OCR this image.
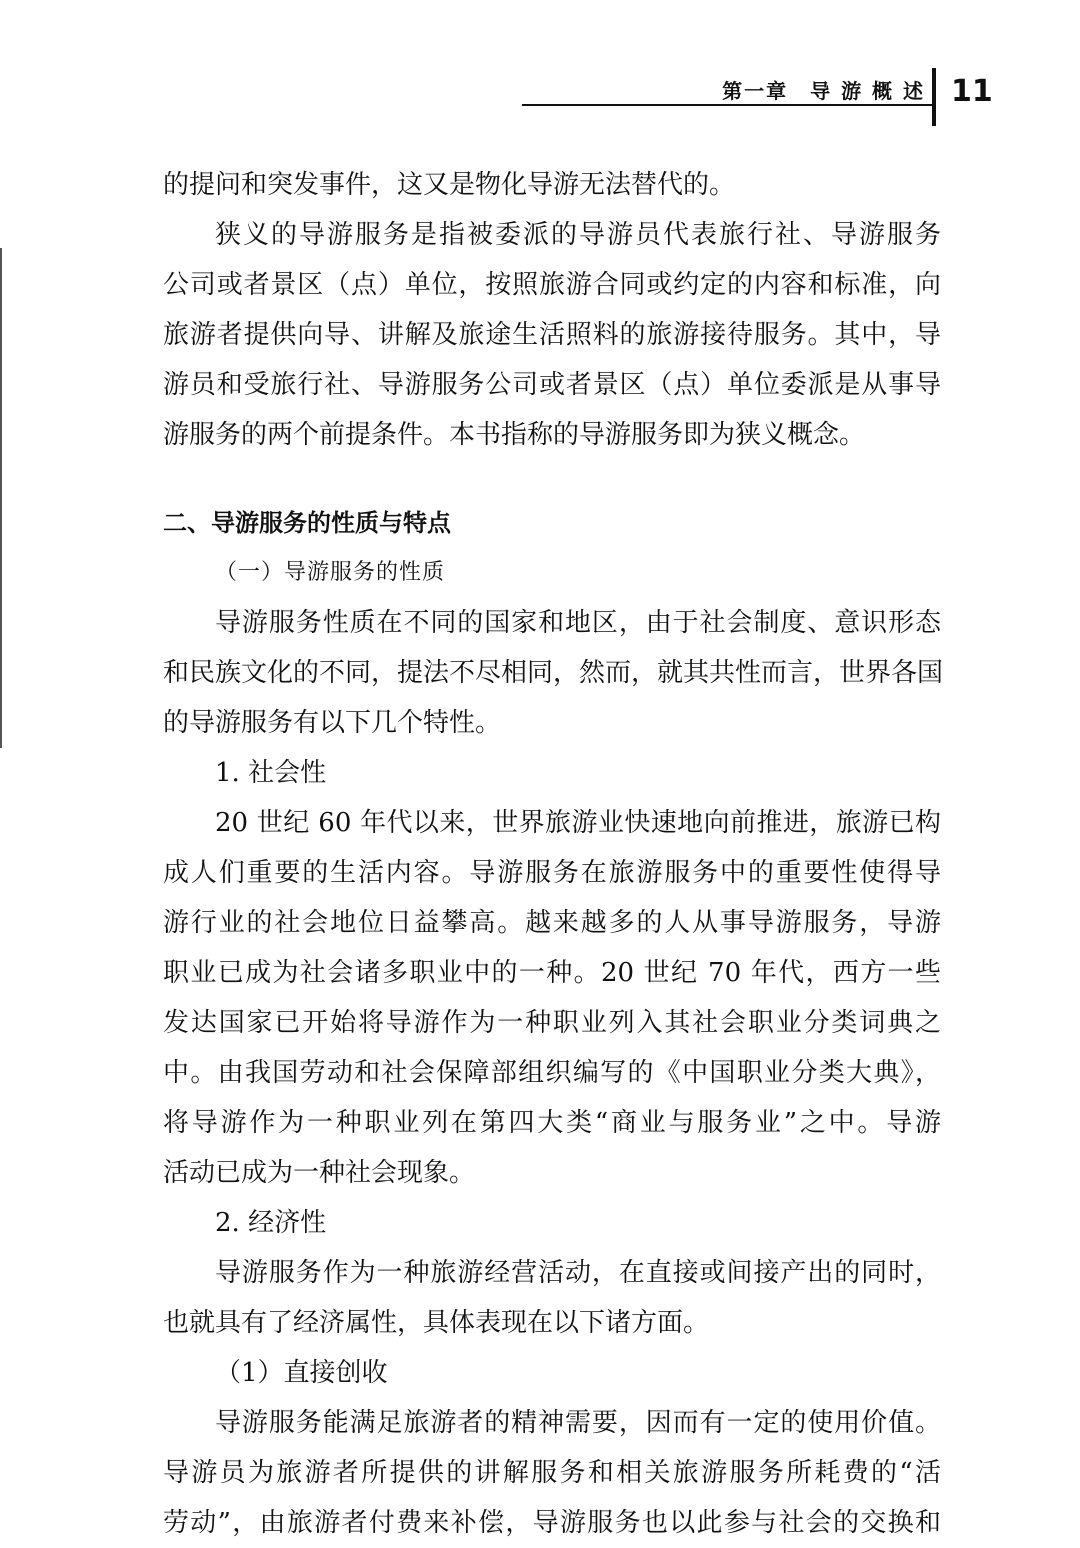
第一章　导 游 概 述 11
的提问和突发事件，这又是物化导游无法替代的。
狭义的导游服务是指被委派的导游员代表旅行社、导游服务
公司或者景区（点）单位，按照旅游合同或约定的内容和标准，向
旅游者提供向导、讲解及旅途生活照料的旅游接待服务。其中，导
游员和受旅行社、导游服务公司或者景区（点）单位委派是从事导
游服务的两个前提条件。本书指称的导游服务即为狭义概念。
二、导游服务的性质与特点
（一）导游服务的性质
导游服务性质在不同的国家和地区，由于社会制度、意识形态
和民族文化的不同，提法不尽相同，然而，就其共性而言，世界各国
的导游服务有以下几个特性。
1. 社会性
20 世纪 60 年代以来，世界旅游业快速地向前推进，旅游已构
成人们重要的生活内容。导游服务在旅游服务中的重要性使得导
游行业的社会地位日益攀高。越来越多的人从事导游服务，导游
职业已成为社会诸多职业中的一种。20 世纪 70 年代，西方一些
发达国家已开始将导游作为一种职业列入其社会职业分类词典之
中。由我国劳动和社会保障部组织编写的《中国职业分类大典》，
将导游作为一种职业列在第四大类“商业与服务业”之中。导游
活动已成为一种社会现象。
2. 经济性
导游服务作为一种旅游经营活动，在直接或间接产出的同时，
也就具有了经济属性，具体表现在以下诸方面。
（1）直接创收
导游服务能满足旅游者的精神需要，因而有一定的使用价值。
导游员为旅游者所提供的讲解服务和相关旅游服务所耗费的“活
劳动”，由旅游者付费来补偿，导游服务也以此参与社会的交换和
